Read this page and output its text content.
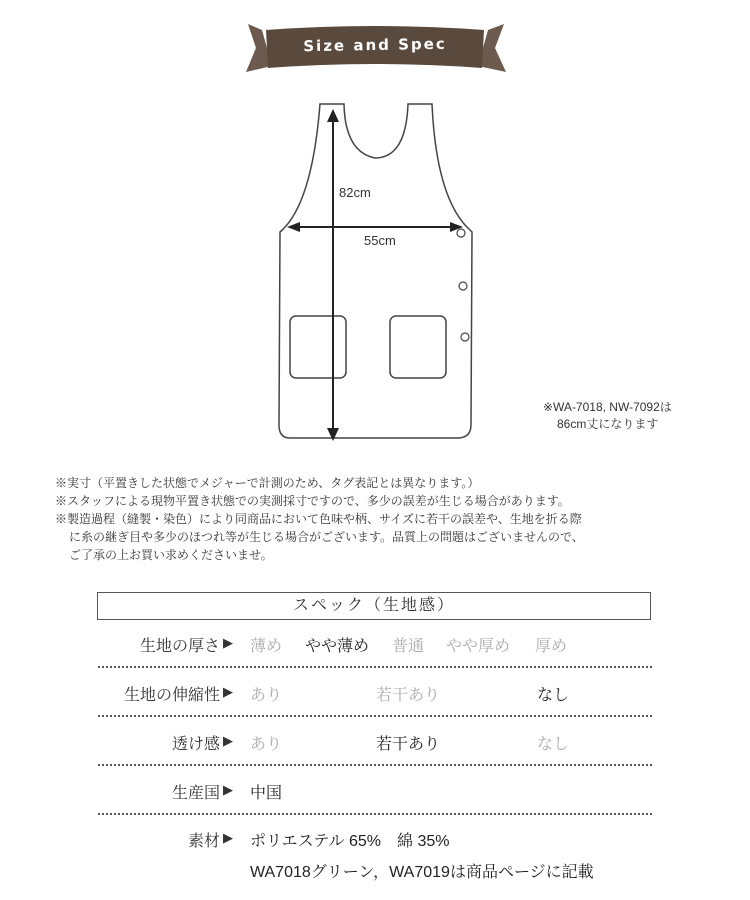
Size and Spec
82cm
55cm
※WA-7018, NW-7092は
86cm丈になります
※実寸（平置きした状態でメジャーで計測のため、タグ表記とは異なります。）
※スタッフによる現物平置き状態での実測採寸ですので、多少の誤差が生じる場合があります。
※製造過程（縫製・染色）により同商品において色味や柄、サイズに若干の誤差や、生地を折る際
に糸の継ぎ目や多少のほつれ等が生じる場合がございます。品質上の問題はございませんので、
ご了承の上お買い求めくださいませ。
スペック（生地感）
生地の厚さ ▶ 薄め やや薄め 普通 やや厚め 厚め
生地の伸縮性 ▶ あり	若干あり	なし
透け感 ▶ あり	若干あり	なし
生産国 ▶ 中国
素材 ▶ ポリエステル 65%　綿 35%
WA7018グリーン，WA7019は商品ページに記載
